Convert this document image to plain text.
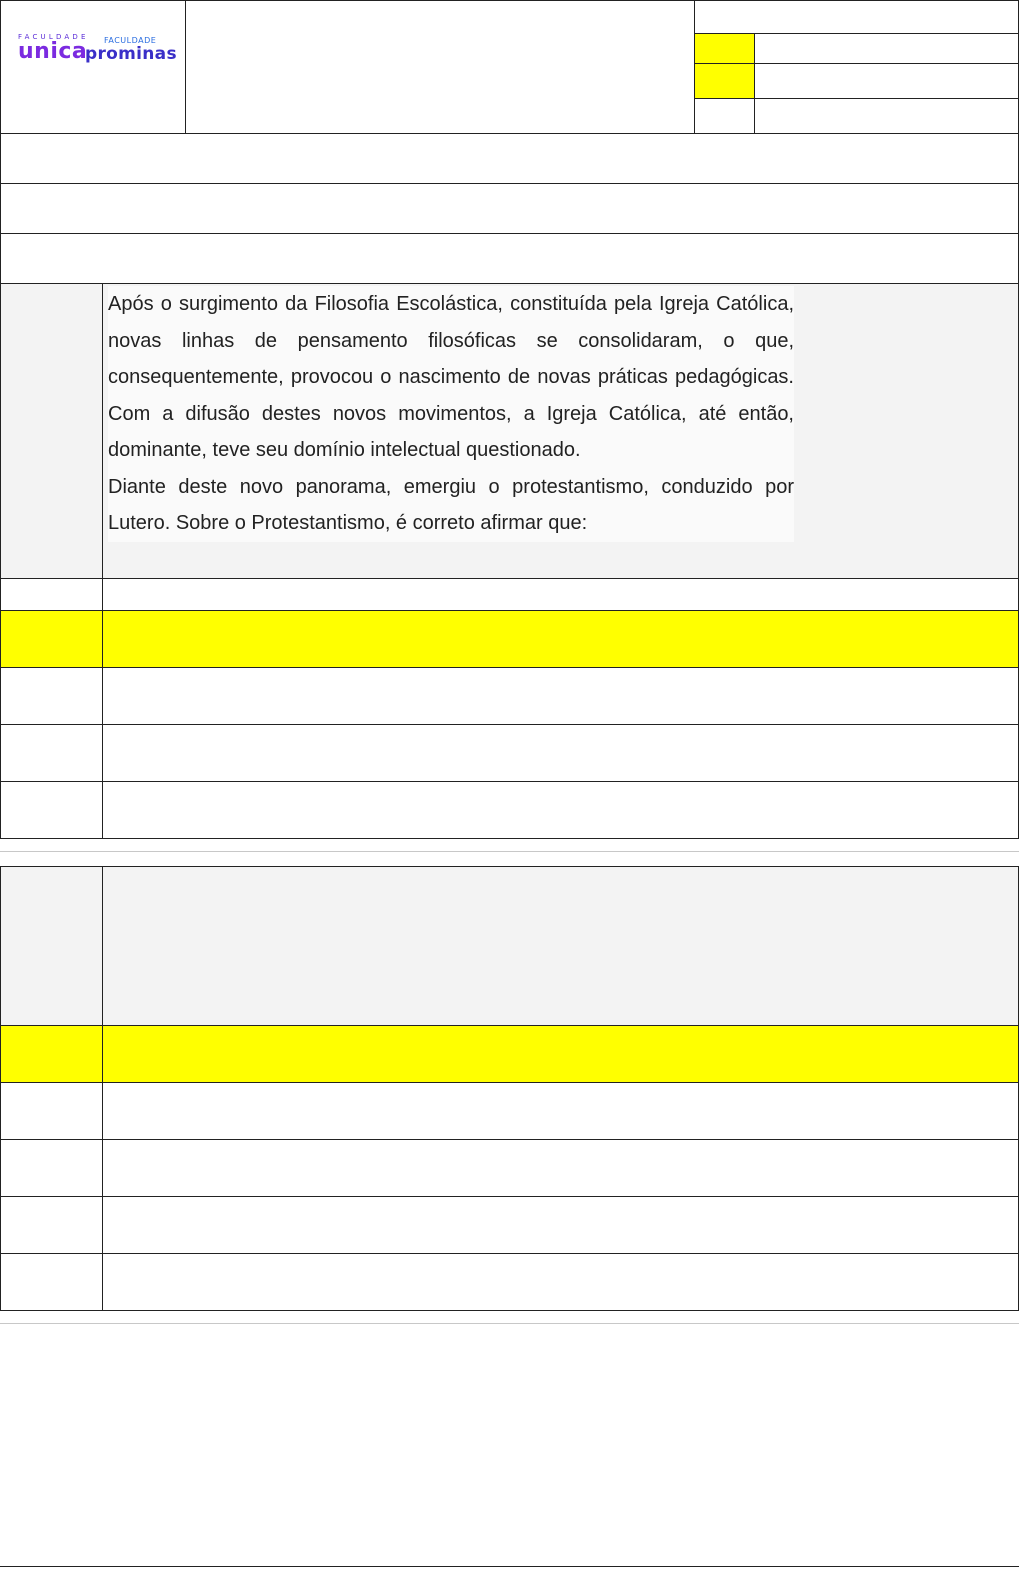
FACULDADE
unica FACULDADE
prominas

Após o surgimento da Filosofia Escolástica, constituída pela Igreja Católica, novas linhas de pensamento filosóficas se consolidaram, o que, consequentemente, provocou o nascimento de novas práticas pedagógicas. Com a difusão destes novos movimentos, a Igreja Católica, até então, dominante, teve seu domínio intelectual questionado.

Diante deste novo panorama, emergiu o protestantismo, conduzido por Lutero. Sobre o Protestantismo, é correto afirmar que:
